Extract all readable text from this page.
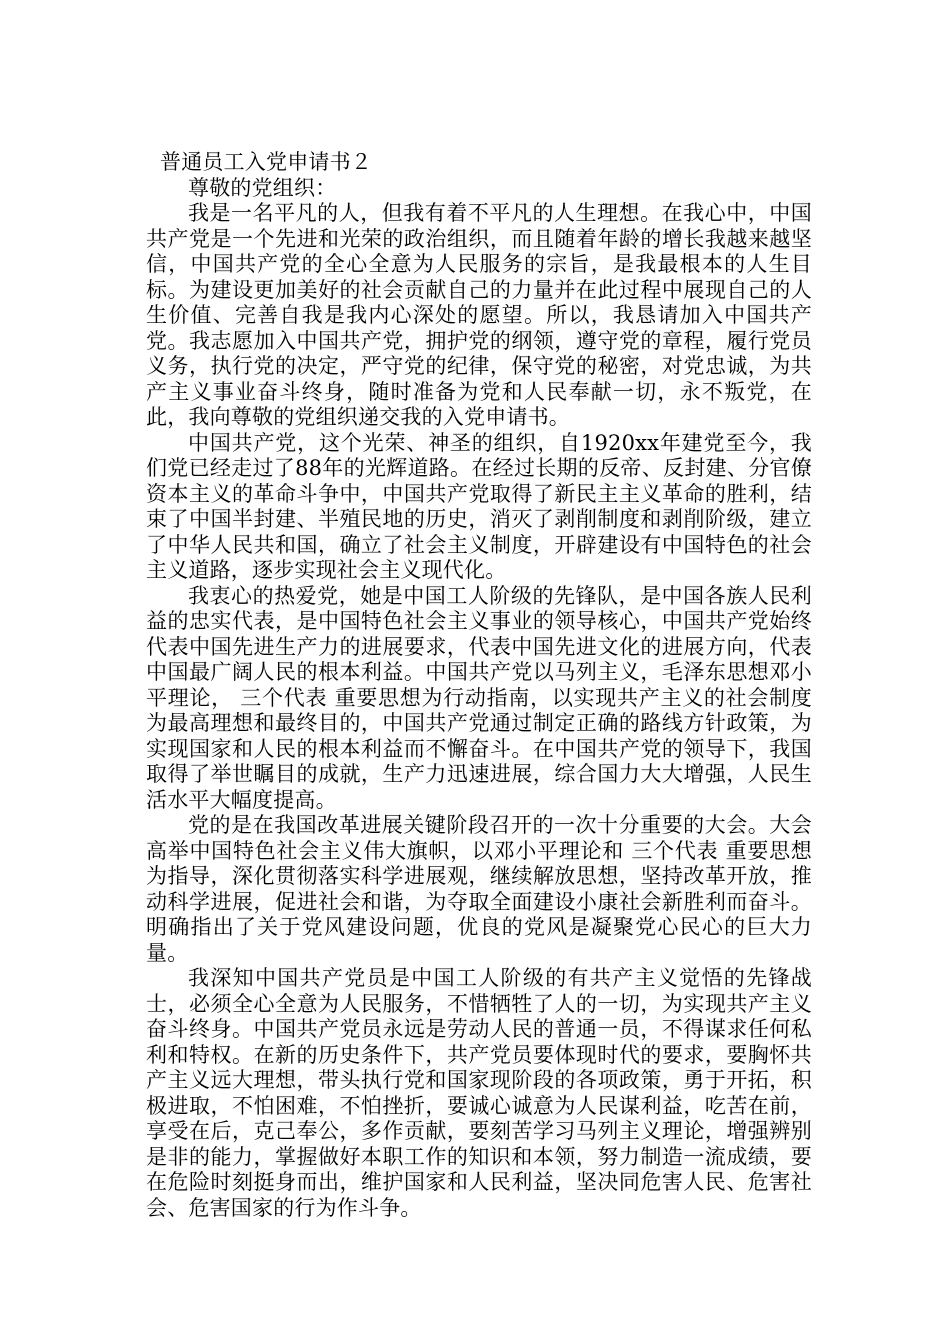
普通员工入党申请书２

尊敬的党组织：

我是一名平凡的人，但我有着不平凡的人生理想。在我心中，中国共产党是一个先进和光荣的政治组织，而且随着年龄的增长我越来越坚信，中国共产党的全心全意为人民服务的宗旨，是我最根本的人生目标。为建设更加美好的社会贡献自己的力量并在此过程中展现自己的人生价值、完善自我是我内心深处的愿望。所以，我恳请加入中国共产党。我志愿加入中国共产党，拥护党的纲领，遵守党的章程，履行党员义务，执行党的决定，严守党的纪律，保守党的秘密，对党忠诚，为共产主义事业奋斗终身，随时准备为党和人民奉献一切，永不叛党，在此，我向尊敬的党组织递交我的入党申请书。

中国共产党，这个光荣、神圣的组织，自1920xx年建党至今，我们党已经走过了88年的光辉道路。在经过长期的反帝、反封建、分官僚资本主义的革命斗争中，中国共产党取得了新民主主义革命的胜利，结束了中国半封建、半殖民地的历史，消灭了剥削制度和剥削阶级，建立了中华人民共和国，确立了社会主义制度，开辟建设有中国特色的社会主义道路，逐步实现社会主义现代化。

我衷心的热爱党，她是中国工人阶级的先锋队，是中国各族人民利益的忠实代表，是中国特色社会主义事业的领导核心，中国共产党始终代表中国先进生产力的进展要求，代表中国先进文化的进展方向，代表中国最广阔人民的根本利益。中国共产党以马列主义，毛泽东思想邓小平理论， 三个代表 重要思想为行动指南，以实现共产主义的社会制度为最高理想和最终目的，中国共产党通过制定正确的路线方针政策，为实现国家和人民的根本利益而不懈奋斗。在中国共产党的领导下，我国取得了举世瞩目的成就，生产力迅速进展，综合国力大大增强，人民生活水平大幅度提高。

党的是在我国改革进展关键阶段召开的一次十分重要的大会。大会高举中国特色社会主义伟大旗帜，以邓小平理论和 三个代表 重要思想为指导，深化贯彻落实科学进展观，继续解放思想，坚持改革开放，推动科学进展，促进社会和谐，为夺取全面建设小康社会新胜利而奋斗。明确指出了关于党风建设问题，优良的党风是凝聚党心民心的巨大力量。

我深知中国共产党员是中国工人阶级的有共产主义觉悟的先锋战士，必须全心全意为人民服务，不惜牺牲了人的一切，为实现共产主义奋斗终身。中国共产党员永远是劳动人民的普通一员，不得谋求任何私利和特权。在新的历史条件下，共产党员要体现时代的要求，要胸怀共产主义远大理想，带头执行党和国家现阶段的各项政策，勇于开拓，积极进取，不怕困难，不怕挫折，要诚心诚意为人民谋利益，吃苦在前，享受在后，克己奉公，多作贡献，要刻苦学习马列主义理论，增强辨别是非的能力，掌握做好本职工作的知识和本领，努力制造一流成绩，要在危险时刻挺身而出，维护国家和人民利益，坚决同危害人民、危害社会、危害国家的行为作斗争。
